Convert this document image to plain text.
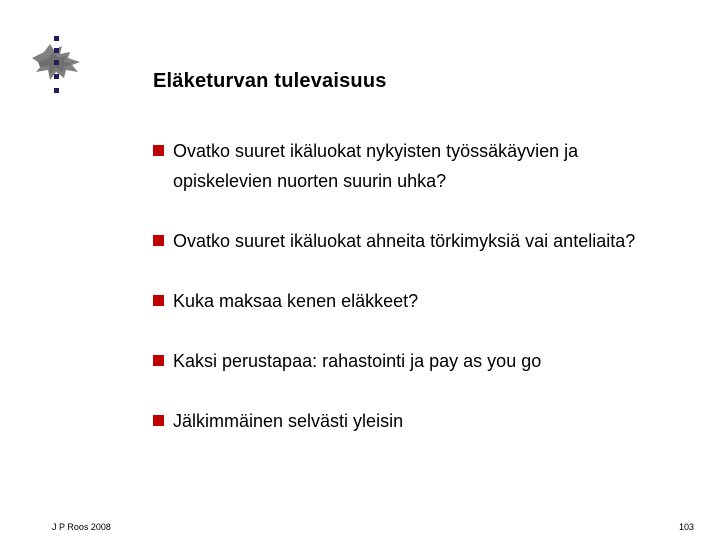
Eläketurvan tulevaisuus
Ovatko suuret ikäluokat nykyisten työssäkäyvien ja
opiskelevien nuorten suurin uhka?
Ovatko suuret ikäluokat ahneita törkimyksiä vai anteliaita?
Kuka maksaa kenen eläkkeet?
Kaksi perustapaa: rahastointi ja pay as you go
Jälkimmäinen selvästi yleisin
J P Roos 2008	103
